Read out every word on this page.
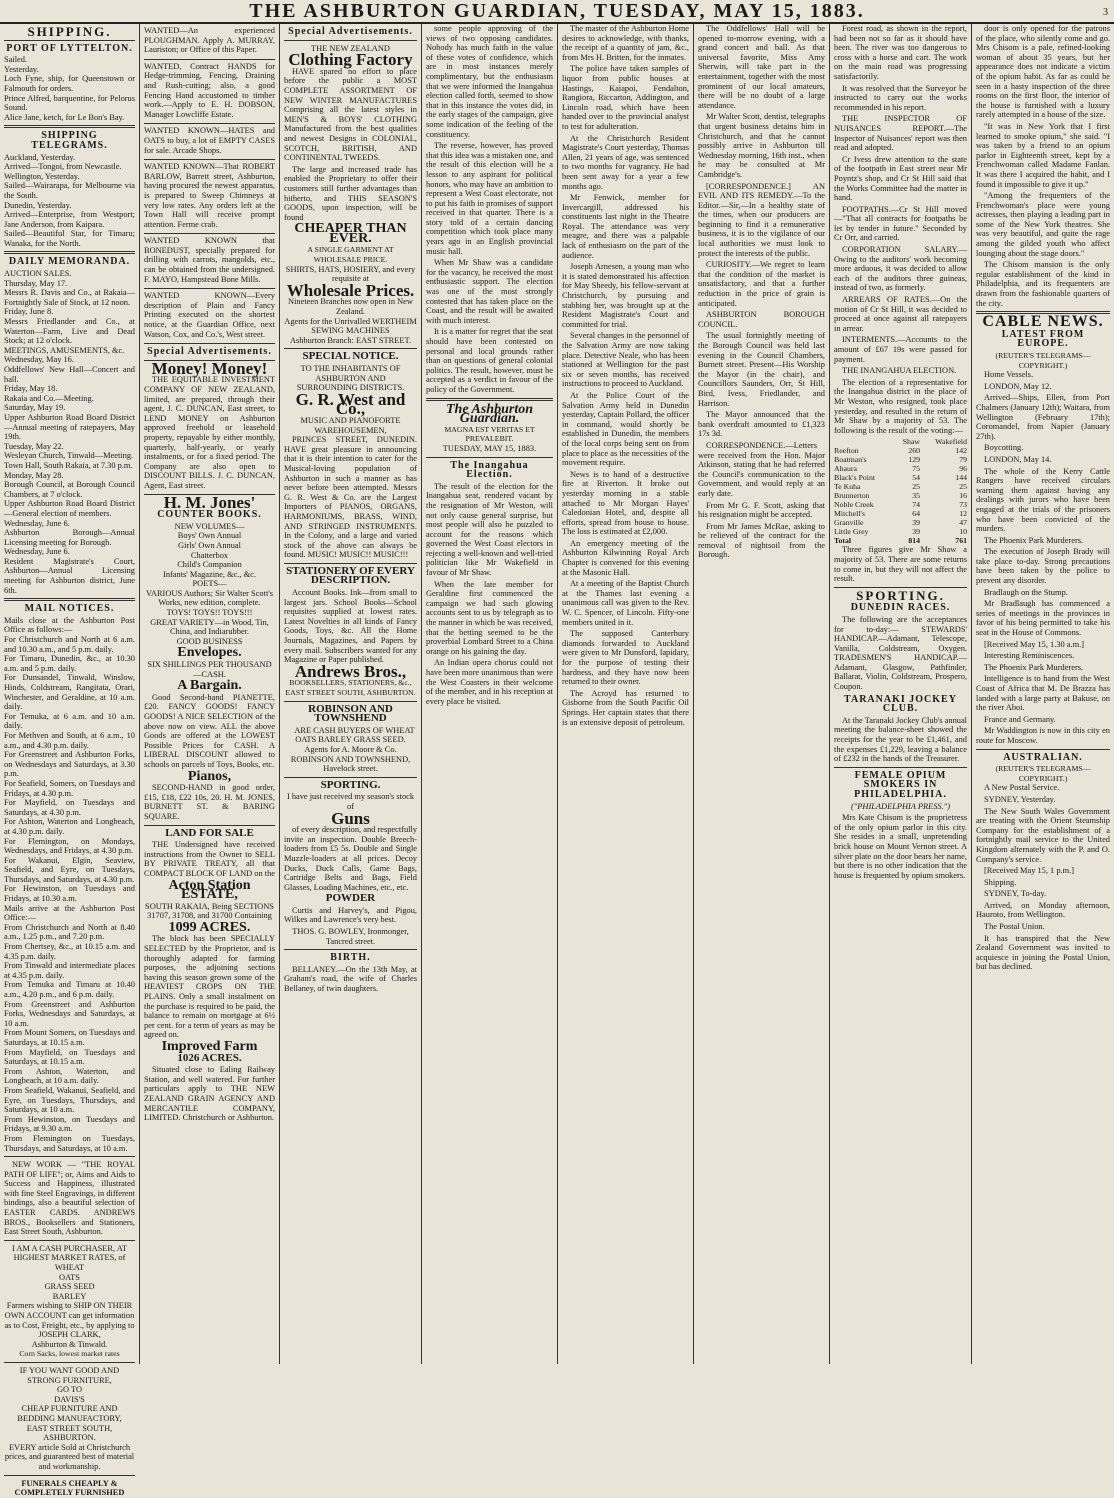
THE ASHBURTON GUARDIAN, TUESDAY, MAY 15, 1883.	3
SHIPPING.
PORT OF LYTTELTON.
Sailed.
Yesterday.
Loch Fyne, ship, for Queenstown or Falmouth for orders.
Prince Alfred, barquentine, for Pelorus Sound.
Alice Jane, ketch, for Le Bon's Bay.
SHIPPING TELEGRAMS.
Auckland, Yesterday.
Arrived—Tongoi, from Newcastle.
Wellington, Yesterday.
Sailed—Wairarapa, for Melbourne via the South.
Dunedin, Yesterday.
Arrived—Enterprise, from Westport; Jane Anderson, from Kaipara.
Sailed—Beautiful Star, for Timaru; Wanaka, for the North.
DAILY MEMORANDA.
AUCTION SALES.
Thursday, May 17.
Messrs R. Davis and Co., at Rakaia—Fortnightly Sale of Stock, at 12 noon.
Friday, June 8.
Messrs Friedlander and Co., at Waterton—Farm, Live and Dead Stock; at 12 o'clock.
MEETINGS, AMUSEMENTS, &c.
Wednesday, May 16.
Oddfellows' New Hall—Concert and ball.
Friday, May 18.
Rakaia and Co.—Meeting.
Saturday, May 19.
Upper Ashburton Road Board District—Annual meeting of ratepayers, May 19th.
Tuesday, May 22.
Wesleyan Church, Tinwald—Meeting.
Town Hall, South Rakaia, at 7.30 p.m.
Monday, May 28.
Borough Council, at Borough Council Chambers, at 7 o'clock.
Upper Ashburton Road Board District—General election of members.
Wednesday, June 6.
Ashburton Borough—Annual Licensing meeting for Borough.
Wednesday, June 6.
Resident Magistrate's Court, Ashburton—Annual Licensing meeting for Ashburton district, June 6th.
MAIL NOTICES.
Mails close at the Ashburton Post Office as follows:—
For Christchurch and North at 6 a.m. and 10.30 a.m., and 5 p.m. daily.
For Timaru, Dunedin, &c., at 10.30 a.m. and 5 p.m. daily.
For Dunsandel, Tinwald, Winslow, Hinds, Coldstream, Rangitata, Orari, Winchester, and Geraldine, at 10 a.m. daily.
For Temuka, at 6 a.m. and 10 a.m. daily.
For Methven and South, at 6 a.m., 10 a.m., and 4.30 p.m. daily.
For Greenstreet and Ashburton Forks, on Wednesdays and Saturdays, at 3.30 p.m.
For Seafield, Somers, on Tuesdays and Fridays, at 4.30 p.m.
For Mayfield, on Tuesdays and Saturdays, at 4.30 p.m.
For Ashton, Waterton and Longbeach, at 4.30 p.m. daily.
For Flemington, on Mondays, Wednesdays, and Fridays, at 4.30 p.m.
For Wakanui, Elgin, Seaview, Seafield, and Eyre, on Tuesdays, Thursdays, and Saturdays, at 4.30 p.m.
For Hewinston, on Tuesdays and Fridays, at 10.30 a.m.
Mails arrive at the Ashburton Post Office:—
From Christchurch and North at 8.40 a.m., 1.25 p.m., and 7.20 p.m.
From Chertsey, &c., at 10.15 a.m. and 4.35 p.m. daily.
From Tinwald and intermediate places at 4.35 p.m. daily.
From Temuka and Timaru at 10.40 a.m., 4.20 p.m., and 6 p.m. daily.
From Greenstreet and Ashburton Forks, Wednesdays and Saturdays, at 10 a.m.
From Mount Somers, on Tuesdays and Saturdays, at 10.15 a.m.
From Mayfield, on Tuesdays and Saturdays, at 10.15 a.m.
From Ashton, Waterton, and Longbeach, at 10 a.m. daily.
From Seafield, Wakanui, Seafield, and Eyre, on Tuesdays, Thursdays, and Saturdays, at 10 a.m.
From Hewinston, on Tuesdays and Fridays, at 9.30 a.m.
From Flemington on Tuesdays, Thursdays, and Saturdays, at 10 a.m.

NEW WORK — "THE ROYAL PATH OF LIFE"; or, Aims and Aids to Success and Happiness, illustrated with fine Steel Engravings, in different bindings, also a beautiful selection of EASTER CARDS. ANDREWS BROS., Booksellers and Stationers, East Street South, Ashburton.

I AM A CASH PURCHASER, AT HIGHEST MARKET RATES, of
WHEAT
OATS
GRASS SEED
BARLEY
Farmers wishing to SHIP ON THEIR OWN ACCOUNT can get information as to Cost, Freight, etc., by applying to
JOSEPH CLARK,
Ashburton & Tinwald.
Corn Sacks, lowest market rates
IF YOU WANT GOOD AND STRONG FURNITURE,
GO TO
DAVIS'S
CHEAP FURNITURE AND BEDDING MANUFACTORY,
EAST STREET SOUTH, ASHBURTON.
EVERY article Sold at Christchurch prices, and guaranteed best of material and workmanship.
FUNERALS CHEAPLY & COMPLETELY FURNISHED
WANTED—An experienced PLOUGHMAN. Apply A. MURRAY, Lauriston; or Office of this Paper.
WANTED, Contract HANDS for Hedge-trimming, Fencing, Draining and Rush-cutting; also, a good Fencing Hand accustomed to timber work.—Apply to E. H. DOBSON, Manager Lowcliffe Estate.
WANTED KNOWN—HATES and OATS to buy, a lot of EMPTY CASES for sale. Arcade Shops.
WANTED KNOWN—That ROBERT BARLOW, Barrett street, Ashburton, having procured the newest apparatus, is prepared to Sweep Chimneys at very low rates. Any orders left at the Town Hall will receive prompt attention. Ferme crab.
WANTED KNOWN that BONEDUST, specially prepared for drilling with carrots, mangolds, etc., can be obtained from the undersigned. F. MAYO, Hampstead Bone Mills.
WANTED KNOWN—Every description of Plain and Fancy Printing executed on the shortest notice, at the Guardian Office, next Watson, Cox, and Co.'s, West street.
Special Advertisements.
Money! Money!

THE EQUITABLE INVESTMENT COMPANY OF NEW ZEALAND, limited, are prepared, through their agent, J. C. DUNCAN, East street, to LEND MONEY on Ashburton approved freehold or leasehold property, repayable by either monthly, quarterly, half-yearly, or yearly instalments, or for a fixed period. The Company are also open to DISCOUNT BILLS. J. C. DUNCAN, Agent, East street.

H. M. Jones'
COUNTER BOOKS.
NEW VOLUMES—
Boys' Own Annual
Girls' Own Annual
Chatterbox
Child's Companion
Infants' Magazine, &c., &c.
POETS—
VARIOUS Authors; Sir Walter Scott's Works, new edition, complete.
TOYS! TOYS!! TOYS!!!
GREAT VARIETY—in Wood, Tin, China, and Indiarubber.
GOOD BUSINESS
Envelopes.
SIX SHILLINGS PER THOUSAND—CASH.
A Bargain.

Good Second-hand PIANETTE, £20. FANCY GOODS! FANCY GOODS! A NICE SELECTION of the above now on view. ALL the above Goods are offered at the LOWEST Possible Prices for CASH. A LIBERAL DISCOUNT allowed to schools on parcels of Toys, Books, etc.

Pianos,

SECOND-HAND in good order, £15, £18, £22 10s, 20. H. M. JONES, BURNETT ST. & BARING SQUARE.

LAND FOR SALE

THE Undersigned have received instructions from the Owner to SELL BY PRIVATE TREATY, all that COMPACT BLOCK OF LAND on the

Acton Station ESTATE,
SOUTH RAKAIA, Being SECTIONS 31707, 31708, and 31700 Containing
1099 ACRES.

The block has been SPECIALLY SELECTED by the Proprietor, and is thoroughly adapted for farming purposes, the adjoining sections having this season grown some of the HEAVIEST CROPS ON THE PLAINS. Only a small instalment on the purchase is required to be paid, the balance to remain on mortgage at 6½ per cent. for a term of years as may be agreed on.

Improved Farm
1026 ACRES.

Situated close to Ealing Railway Station, and well watered. For further particulars apply to THE NEW ZEALAND GRAIN AGENCY AND MERCANTILE COMPANY, LIMITED. Christchurch or Ashburton.

Special Advertisements.
THE NEW ZEALAND
Clothing Factory

HAVE spared no effort to place before the public a MOST COMPLETE ASSORTMENT OF NEW WINTER MANUFACTURES Comprising all the latest styles in MEN'S & BOYS' CLOTHING Manufactured from the best qualities and newest Designs in COLONIAL, SCOTCH, BRITISH, AND CONTINENTAL TWEEDS.

The large and increased trade has enabled the Proprietary to offer their customers still further advantages than hitherto, and THIS SEASON'S GOODS, upon inspection, will be found

CHEAPER THAN EVER.
A SINGLE GARMENT AT WHOLESALE PRICE.
SHIRTS, HATS, HOSIERY, and every requisite at
Wholesale Prices.
Nineteen Branches now open in New Zealand.
Agents for the Unrivalled WERTHEIM SEWING MACHINES
Ashburton Branch: EAST STREET.
SPECIAL NOTICE.
TO THE INHABITANTS OF ASHBURTON AND SURROUNDING DISTRICTS.
G. R. West and Co.,
MUSIC AND PIANOFORTE WAREHOUSEMEN,

PRINCES STREET, DUNEDIN. HAVE great pleasure in announcing that it is their intention to cater for the Musical-loving population of Ashburton in such a manner as has never before been attempted. Messrs G. R. West & Co. are the Largest Importers of PIANOS, ORGANS, HARMONIUMS, BRASS, WIND, AND STRINGED INSTRUMENTS. In the Colony, and a large and varied stock of the above can always be found. MUSIC! MUSIC!! MUSIC!!!

STATIONERY OF EVERY DESCRIPTION.

Account Books. Ink—from small to largest jars. School Books—School requisites supplied at lowest rates. Latest Novelties in all kinds of Fancy Goods, Toys, &c. All the Home Journals, Magazines, and Papers by every mail. Subscribers wanted for any Magazine or Paper published.

Andrews Bros.,
BOOKSELLERS, STATIONERS, &c., EAST STREET SOUTH, ASHBURTON.
ROBINSON AND TOWNSHEND

ARE CASH BUYERS OF WHEAT OATS BARLEY GRASS SEED. Agents for A. Moore & Co. ROBINSON AND TOWNSHEND, Havelock street.

SPORTING.
I have just received my season's stock of
Guns

of every description, and respectfully invite an inspection. Double Breech-loaders from £5 5s. Double and Single Muzzle-loaders at all prices. Decoy Ducks, Duck Calls, Game Bags, Cartridge Belts and Bags, Field Glasses, Loading Machines, etc., etc.

POWDER

Curtis and Harvey's, and Pigou, Wilkes and Lawrence's very best.

THOS. G. BOWLEY, Ironmonger, Tancred street.
BIRTH.

BELLANEY.—On the 13th May, at Graham's road, the wife of Charles Bellaney, of twin daughters.

some people approving of the views of two opposing candidates. Nobody has much faith in the value of these votes of confidence, which are in most instances merely complimentary, but the enthusiasm that we were informed the Inangahua election called forth, seemed to show that in this instance the votes did, in the early stages of the campaign, give some indication of the feeling of the constituency.
The reverse, however, has proved that this idea was a mistaken one, and the result of this election will be a lesson to any aspirant for political honors, who may have an ambition to represent a West Coast electorate, not to put his faith in promises of support received in that quarter. There is a story told of a certain dancing competition which took place many years ago in an English provincial music hall.
When Mr Shaw was a candidate for the vacancy, he received the most enthusiastic support. The election was one of the most strongly contested that has taken place on the Coast, and the result will be awaited with much interest.
It is a matter for regret that the seat should have been contested on personal and local grounds rather than on questions of general colonial politics. The result, however, must be accepted as a verdict in favour of the policy of the Government.
The Ashburton Guardian.
MAGNA EST VERITAS ET PREVALEBIT.
TUESDAY, MAY 15, 1883.
The Inangahua Election.
The result of the election for the Inangahua seat, rendered vacant by the resignation of Mr Weston, will not only cause general surprise, but most people will also be puzzled to account for the reasons which governed the West Coast electors in rejecting a well-known and well-tried politician like Mr Wakefield in favour of Mr Shaw.
When the late member for Geraldine first commenced the campaign we had such glowing accounts sent to us by telegraph as to the manner in which he was received, that the betting seemed to be the proverbial Lombard Street to a China orange on his gaining the day.
An Indian opera chorus could not have been more unanimous than were the West Coasters in their welcome of the member, and in his reception at every place he visited.
The master of the Ashburton Home desires to acknowledge, with thanks, the receipt of a quantity of jam, &c., from Mrs H. Britten, for the inmates.
The police have taken samples of liquor from public houses at Hastings, Kaiapoi, Fendalton, Rangiora, Riccarton, Addington, and Lincoln road, which have been handed over to the provincial analyst to test for adulteration.
At the Christchurch Resident Magistrate's Court yesterday, Thomas Allen, 21 years of age, was sentenced to two months for vagrancy. He had been sent away for a year a few months ago.
Mr Fenwick, member for Invercargill, addressed his constituents last night in the Theatre Royal. The attendance was very meagre, and there was a palpable lack of enthusiasm on the part of the audience.
Joseph Arnesen, a young man who it is stated demonstrated his affection for May Sheedy, his fellow-servant at Christchurch, by pursuing and stabbing her, was brought up at the Resident Magistrate's Court and committed for trial.
Several changes in the personnel of the Salvation Army are now taking place. Detective Neale, who has been stationed at Wellington for the past six or seven months, has received instructions to proceed to Auckland.
At the Police Court of the Salvation Army held in Dunedin yesterday, Captain Pollard, the officer in command, would shortly be established in Dunedin, the members of the local corps being sent on from place to place as the necessities of the movement require.
News is to hand of a destructive fire at Riverton. It broke out yesterday morning in a stable attached to Mr Morgan Hayes' Caledonian Hotel, and, despite all efforts, spread from house to house. The loss is estimated at £2,000.
An emergency meeting of the Ashburton Kilwinning Royal Arch Chapter is convened for this evening at the Masonic Hall.
At a meeting of the Baptist Church at the Thames last evening a unanimous call was given to the Rev. W. C. Spencer, of Lincoln. Fifty-one members united in it.
The supposed Canterbury diamonds forwarded to Auckland were given to Mr Dunsford, lapidary, for the purpose of testing their hardness, and they have now been returned to their owner.
The Acroyd has returned to Gisborne from the South Pacific Oil Springs. Her captain states that there is an extensive deposit of petroleum.
The Oddfellows' Hall will be opened to-morrow evening, with a grand concert and ball. As that universal favorite, Miss Amy Sherwin, will take part in the entertainment, together with the most prominent of our local amateurs, there will be no doubt of a large attendance.
Mr Walter Scott, dentist, telegraphs that urgent business detains him in Christchurch, and that he cannot possibly arrive in Ashburton till Wednesday morning, 16th inst., when he may be consulted at Mr Cambridge's.
[CORRESPONDENCE.] AN EVIL AND ITS REMEDY.—To the Editor.—Sir,—In a healthy state of the times, when our producers are beginning to find it a remunerative business, it is to the vigilance of our local authorities we must look to protect the interests of the public.
CURIOSITY.—We regret to learn that the condition of the market is unsatisfactory, and that a further reduction in the price of grain is anticipated.
ASHBURTON BOROUGH COUNCIL.
The usual fortnightly meeting of the Borough Council was held last evening in the Council Chambers, Burnett street. Present—His Worship the Mayor (in the chair), and Councillors Saunders, Orr, St Hill, Bird, Ivess, Friedlander, and Harrison.
The Mayor announced that the bank overdraft amounted to £1,323 17s 3d.
CORRESPONDENCE.—Letters were received from the Hon. Major Atkinson, stating that he had referred the Council's communication to the Government, and would reply at an early date.
From Mr G. F. Scott, asking that his resignation might be accepted.
From Mr James McRae, asking to be relieved of the contract for the removal of nightsoil from the Borough.
Forest road, as shown in the report, had been not so far as it should have been. The river was too dangerous to cross with a horse and cart. The work on the main road was progressing satisfactorily.
It was resolved that the Surveyor be instructed to carry out the works recommended in his report.
THE INSPECTOR OF NUISANCES REPORT.—The Inspector of Nuisances' report was then read and adopted.
Cr Ivess drew attention to the state of the footpath in East street near Mr Poyntz's shop, and Cr St Hill said that the Works Committee had the matter in hand.
FOOTPATHS.—Cr St Hill moved—"That all contracts for footpaths be let by tender in future." Seconded by Cr Orr, and carried.
CORPORATION SALARY.—Owing to the auditors' work becoming more arduous, it was decided to allow each of the auditors three guineas, instead of two, as formerly.
ARREARS OF RATES.—On the motion of Cr St Hill, it was decided to proceed at once against all ratepayers in arrear.
INTERMENTS.—Accounts to the amount of £67 19s were passed for payment.
THE INANGAHUA ELECTION.

The election of a representative for the Inangahua district in the place of Mr Weston, who resigned, took place yesterday, and resulted in the return of Mr Shaw by a majority of 53. The following is the result of the voting:—

	Shaw	Wakefield
Reefton	260	142
Boatman's	129	79
Ahaura	75	96
Black's Point	54	144
Te Kuha	25	25
Brunnerton	35	16
Noble Creek	74	73
Mitchell's	64	12
Granville	39	47
Little Grey	39	10
Total	814	761

Three figures give Mr Shaw a majority of 53. There are some returns to come in, but they will not affect the result.

SPORTING.
DUNEDIN RACES.

The following are the acceptances for to-day:— STEWARDS' HANDICAP.—Adamant, Telescope, Vanilla, Coldstream, Oxygen. TRADESMEN'S HANDICAP.—Adamant, Glasgow, Pathfinder, Ballarat, Violin, Coldstream, Prospero, Coupon.

TARANAKI JOCKEY CLUB.

At the Taranaki Jockey Club's annual meeting the balance-sheet showed the receipts for the year to be £1,461, and the expenses £1,229, leaving a balance of £232 in the hands of the Treasurer.

FEMALE OPIUM SMOKERS IN PHILADELPHIA.
("PHILADELPHIA PRESS.")

Mrs Kate Chisom is the proprietress of the only opium parlor in this city. She resides in a small, unpretending brick house on Mount Vernon street. A silver plate on the door bears her name, but there is no other indication that the house is frequented by opium smokers.

door is only opened for the patrons of the place, who silently come and go. Mrs Chisom is a pale, refined-looking woman of about 35 years, but her appearance does not indicate a victim of the opium habit. As far as could be seen in a hasty inspection of the three rooms on the first floor, the interior of the house is furnished with a luxury rarely attempted in a house of the size.
"It was in New York that I first learned to smoke opium," she said. "I was taken by a friend to an opium parlor in Eighteenth street, kept by a Frenchwoman called Madame Fanlan. It was there I acquired the habit, and I found it impossible to give it up."
"Among the frequenters of the Frenchwoman's place were young actresses, then playing a leading part in some of the New York theatres. She was very beautiful, and quite the rage among the gilded youth who affect lounging about the stage doors."
The Chisom mansion is the only regular establishment of the kind in Philadelphia, and its frequenters are drawn from the fashionable quarters of the city.
CABLE NEWS.
LATEST FROM EUROPE.
(REUTER'S TELEGRAMS—COPYRIGHT.)
Home Vessels.
LONDON, May 12.
Arrived—Ships, Ellen, from Port Chalmers (January 12th); Waitara, from Wellington (February 17th); Coromandel, from Napier (January 27th).
Boycotting.
LONDON, May 14.
The whole of the Kerry Cattle Rangers have received circulars warning them against having any dealings with jurors who have been engaged at the trials of the prisoners who have been convicted of the murders.
The Phoenix Park Murderers.
The execution of Joseph Brady will take place to-day. Strong precautions have been taken by the police to prevent any disorder.
Bradlaugh on the Stump.
Mr Bradlaugh has commenced a series of meetings in the provinces in favor of his being permitted to take his seat in the House of Commons.
[Received May 15, 1.30 a.m.]
Interesting Reminiscences.
The Phoenix Park Murderers.
Intelligence is to hand from the West Coast of Africa that M. De Brazza has landed with a large party at Bakuse, on the river Aboi.
France and Germany.
Mr Waddington is now in this city en route for Moscow.
AUSTRALIAN.
(REUTER'S TELEGRAMS—COPYRIGHT.)
A New Postal Service.
SYDNEY, Yesterday.
The New South Wales Government are treating with the Orient Steamship Company for the establishment of a fortnightly mail service to the United Kingdom alternately with the P. and O. Company's service.
[Received May 15, 1 p.m.]
Shipping.
SYDNEY, To-day.
Arrived, on Monday afternoon, Hauroto, from Wellington.
The Postal Union.
It has transpired that the New Zealand Government was invited to acquiesce in joining the Postal Union, but has declined.
